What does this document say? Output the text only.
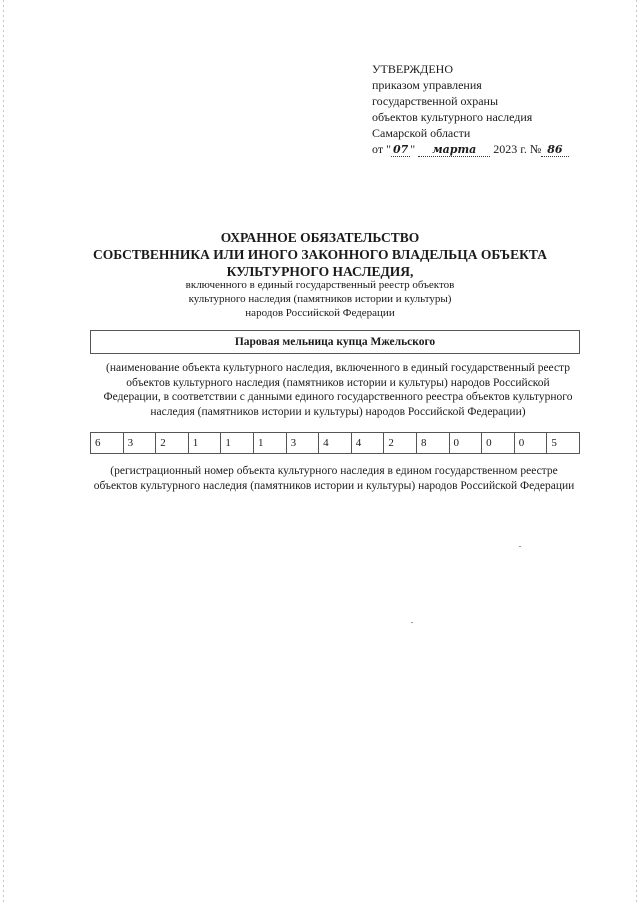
УТВЕРЖДЕНО
приказом управления
государственной охраны
объектов культурного наследия
Самарской области
от " 07 " марта 2023 г. № 86
ОХРАННОЕ ОБЯЗАТЕЛЬСТВО
СОБСТВЕННИКА ИЛИ ИНОГО ЗАКОННОГО ВЛАДЕЛЬЦА ОБЪЕКТА
КУЛЬТУРНОГО НАСЛЕДИЯ,
включенного в единый государственный реестр объектов
культурного наследия (памятников истории и культуры)
народов Российской Федерации
Паровая мельница купца Мжельского
(наименование объекта культурного наследия, включенного в единый государственный реестр объектов культурного наследия (памятников истории и культуры) народов Российской Федерации, в соответствии с данными единого государственного реестра объектов культурного наследия (памятников истории и культуры) народов Российской Федерации)
6	3	2	1	1	1	3	4	4	2	8	0	0	0	5
(регистрационный номер объекта культурного наследия в едином государственном реестре объектов культурного наследия (памятников истории и культуры) народов Российской Федерации
